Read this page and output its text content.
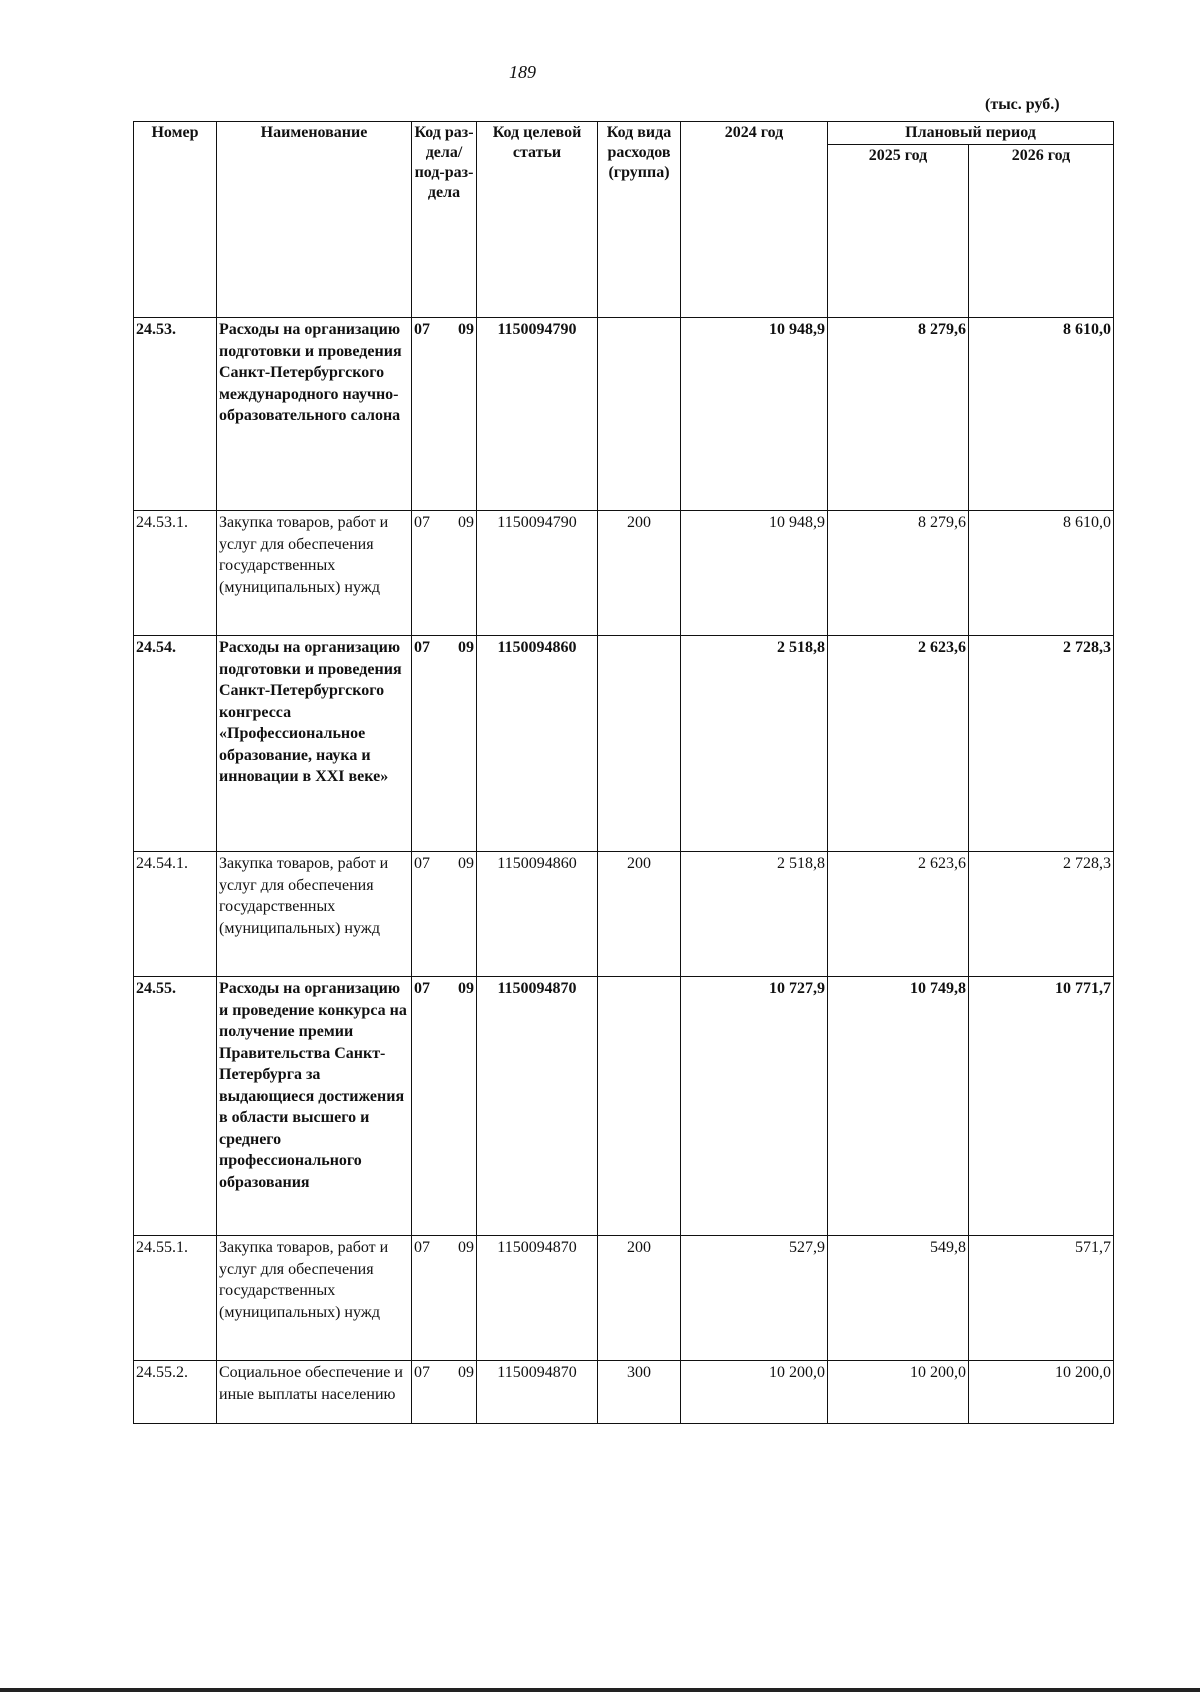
189
(тыс. руб.)
Номер	Наименование	Код раз-дела/ под-раз-дела	Код целевой статьи	Код вида расходов (группа)	2024 год	Плановый период	
						2025 год	2026 год
24.53.	Расходы на организацию подготовки и проведения Санкт-Петербургского международного научно-образовательного салона	07 09	1150094790		10 948,9	8 279,6	8 610,0
24.53.1.	Закупка товаров, работ и услуг для обеспечения государственных (муниципальных) нужд	07 09	1150094790	200	10 948,9	8 279,6	8 610,0
24.54.	Расходы на организацию подготовки и проведения Санкт-Петербургского конгресса «Профессиональное образование, наука и инновации в XXI веке»	07 09	1150094860		2 518,8	2 623,6	2 728,3
24.54.1.	Закупка товаров, работ и услуг для обеспечения государственных (муниципальных) нужд	07 09	1150094860	200	2 518,8	2 623,6	2 728,3
24.55.	Расходы на организацию и проведение конкурса на получение премии Правительства Санкт-Петербурга за выдающиеся достижения в области высшего и среднего профессионального образования	07 09	1150094870		10 727,9	10 749,8	10 771,7
24.55.1.	Закупка товаров, работ и услуг для обеспечения государственных (муниципальных) нужд	07 09	1150094870	200	527,9	549,8	571,7
24.55.2.	Социальное обеспечение и иные выплаты населению	07 09	1150094870	300	10 200,0	10 200,0	10 200,0
